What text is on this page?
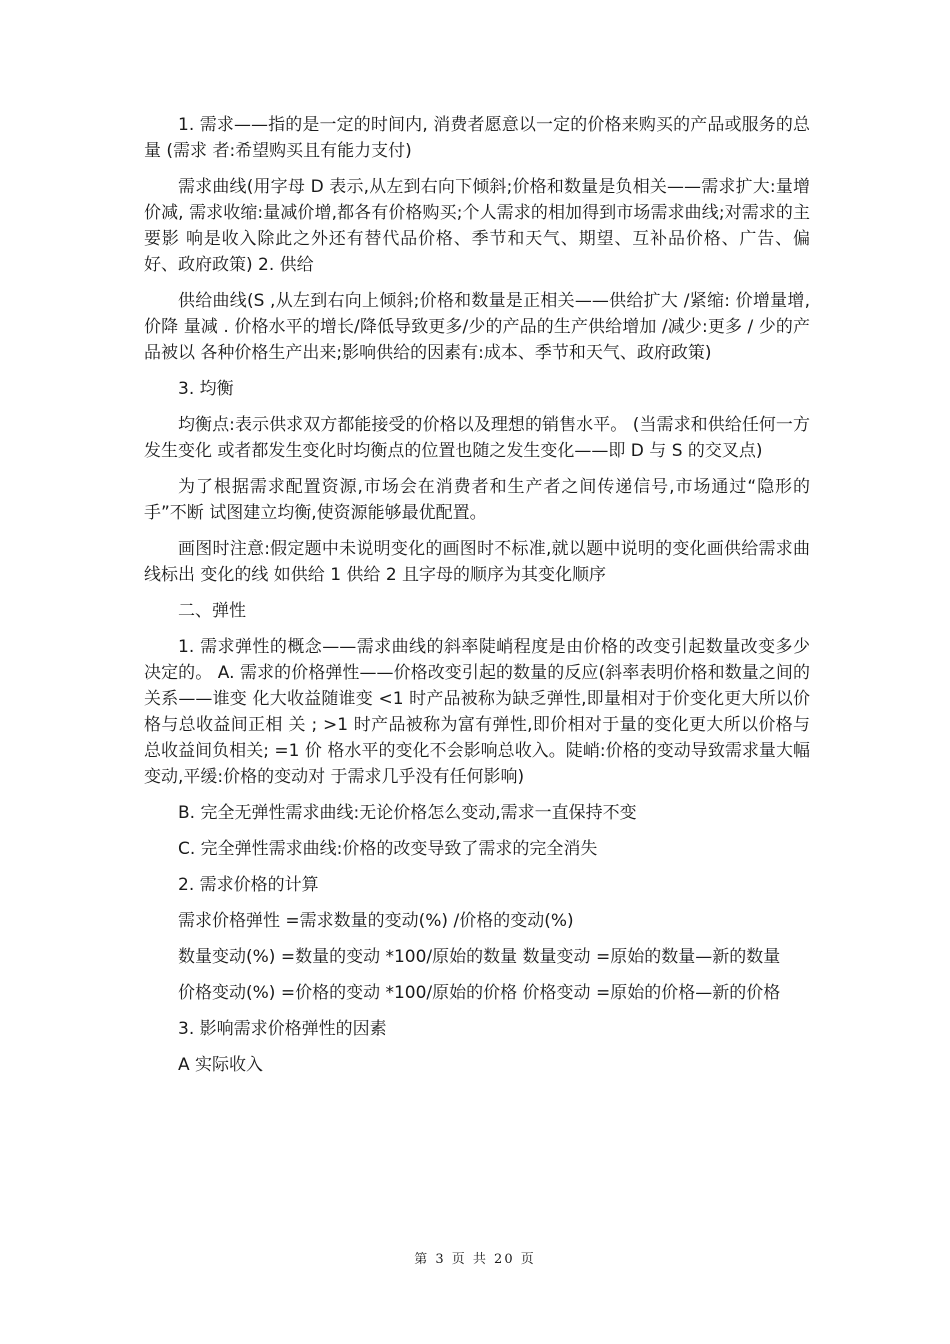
1. 需求——指的是一定的时间内, 消费者愿意以一定的价格来购买的产品或服务的总量 (需求 者:希望购买且有能力支付)

需求曲线(用字母 D 表示,从左到右向下倾斜;价格和数量是负相关——需求扩大:量增价减, 需求收缩:量减价增,都各有价格购买;个人需求的相加得到市场需求曲线;对需求的主要影 响是收入除此之外还有替代品价格、季节和天气、期望、互补品价格、广告、偏好、政府政策) 2. 供给

供给曲线(S ,从左到右向上倾斜;价格和数量是正相关——供给扩大 /紧缩: 价增量增,价降 量减 . 价格水平的增长/降低导致更多/少的产品的生产供给增加 /减少:更多 / 少的产品被以 各种价格生产出来;影响供给的因素有:成本、季节和天气、政府政策)

3. 均衡

均衡点:表示供求双方都能接受的价格以及理想的销售水平。 (当需求和供给任何一方发生变化 或者都发生变化时均衡点的位置也随之发生变化——即 D 与 S 的交叉点)

为了根据需求配置资源,市场会在消费者和生产者之间传递信号,市场通过“隐形的手”不断 试图建立均衡,使资源能够最优配置。

画图时注意:假定题中未说明变化的画图时不标准,就以题中说明的变化画供给需求曲线标出 变化的线 如供给 1 供给 2 且字母的顺序为其变化顺序

二、弹性

1. 需求弹性的概念——需求曲线的斜率陡峭程度是由价格的改变引起数量改变多少决定的。 A. 需求的价格弹性——价格改变引起的数量的反应(斜率表明价格和数量之间的关系——谁变 化大收益随谁变 <1 时产品被称为缺乏弹性,即量相对于价变化更大所以价格与总收益间正相 关 ; >1 时产品被称为富有弹性,即价相对于量的变化更大所以价格与总收益间负相关; =1 价 格水平的变化不会影响总收入。陡峭:价格的变动导致需求量大幅变动,平缓:价格的变动对 于需求几乎没有任何影响)

B. 完全无弹性需求曲线:无论价格怎么变动,需求一直保持不变

C. 完全弹性需求曲线:价格的改变导致了需求的完全消失

2. 需求价格的计算

需求价格弹性 =需求数量的变动(%) /价格的变动(%)

数量变动(%) =数量的变动 *100/原始的数量 数量变动 =原始的数量—新的数量

价格变动(%) =价格的变动 *100/原始的价格 价格变动 =原始的价格—新的价格

3. 影响需求价格弹性的因素

A 实际收入

第 3 页 共 20 页
